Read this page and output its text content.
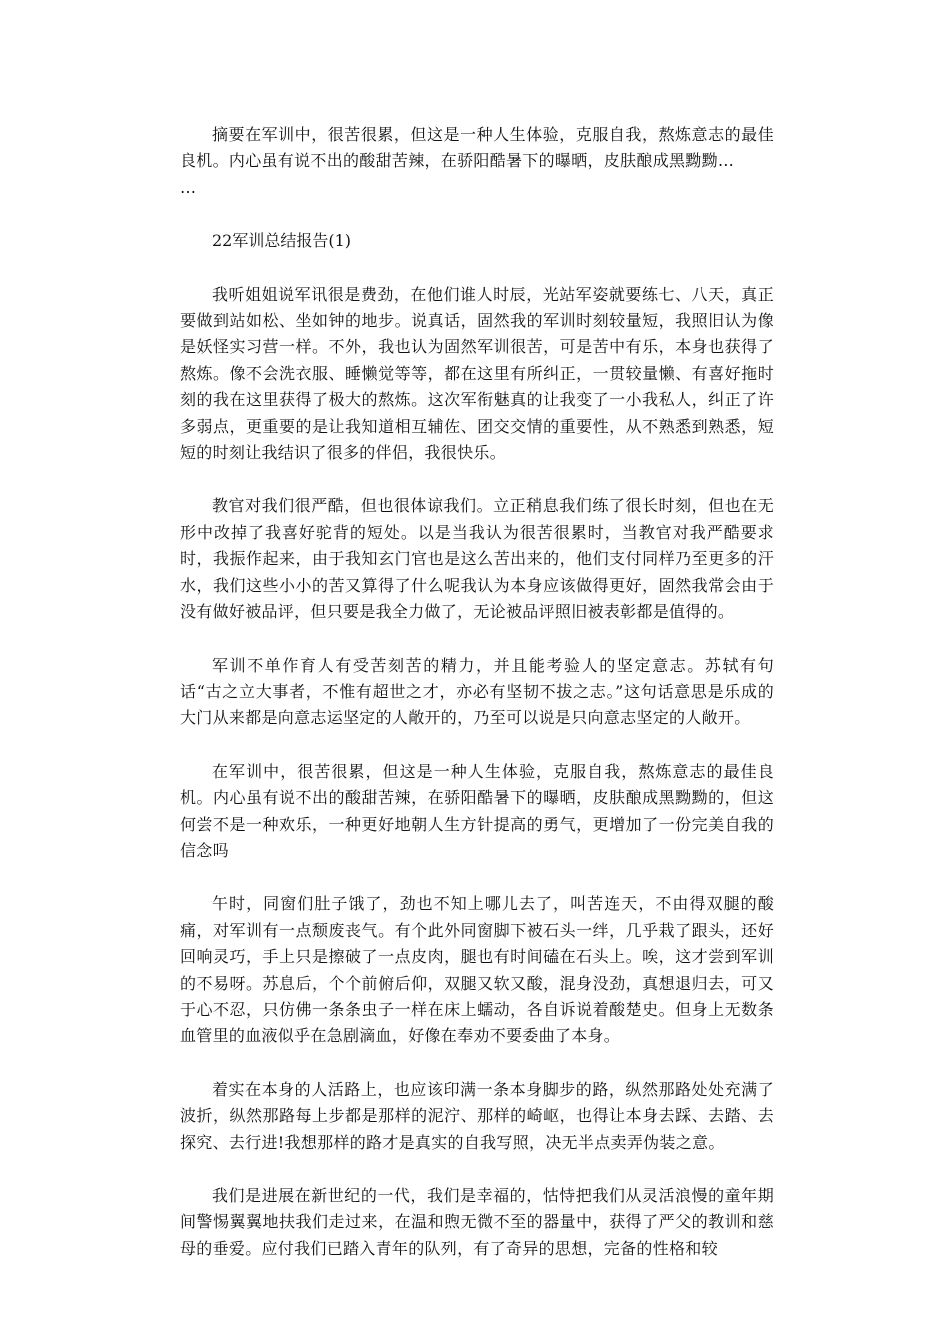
摘要在军训中，很苦很累，但这是一种人生体验，克服自我，熬炼意志的最佳良机。内心虽有说不出的酸甜苦辣，在骄阳酷暑下的曝晒，皮肤酿成黑黝黝…
…

22军训总结报告(1)

我听姐姐说军讯很是费劲，在他们谁人时辰，光站军姿就要练七、八天，真正要做到站如松、坐如钟的地步。说真话，固然我的军训时刻较量短，我照旧认为像是妖怪实习营一样。不外，我也认为固然军训很苦，可是苦中有乐，本身也获得了熬炼。像不会洗衣服、睡懒觉等等，都在这里有所纠正，一贯较量懒、有喜好拖时刻的我在这里获得了极大的熬炼。这次军衔魅真的让我变了一小我私人，纠正了许多弱点，更重要的是让我知道相互辅佐、团交交情的重要性，从不熟悉到熟悉，短短的时刻让我结识了很多的伴侣，我很快乐。

教官对我们很严酷，但也很体谅我们。立正稍息我们练了很长时刻，但也在无形中改掉了我喜好驼背的短处。以是当我认为很苦很累时，当教官对我严酷要求时，我振作起来，由于我知玄门官也是这么苦出来的，他们支付同样乃至更多的汗水，我们这些小小的苦又算得了什么呢我认为本身应该做得更好，固然我常会由于没有做好被品评，但只要是我全力做了，无论被品评照旧被表彰都是值得的。

军训不单作育人有受苦刻苦的精力，并且能考验人的坚定意志。苏轼有句话“古之立大事者，不惟有超世之才，亦必有坚韧不拔之志。”这句话意思是乐成的大门从来都是向意志运坚定的人敞开的，乃至可以说是只向意志坚定的人敞开。

在军训中，很苦很累，但这是一种人生体验，克服自我，熬炼意志的最佳良机。内心虽有说不出的酸甜苦辣，在骄阳酷暑下的曝晒，皮肤酿成黑黝黝的，但这何尝不是一种欢乐，一种更好地朝人生方针提高的勇气，更增加了一份完美自我的信念吗

午时，同窗们肚子饿了，劲也不知上哪儿去了，叫苦连天，不由得双腿的酸痛，对军训有一点颓废丧气。有个此外同窗脚下被石头一绊，几乎栽了跟头，还好回响灵巧，手上只是擦破了一点皮肉，腿也有时间磕在石头上。唉，这才尝到军训的不易呀。苏息后，个个前俯后仰，双腿又软又酸，混身没劲，真想退归去，可又于心不忍，只仿佛一条条虫子一样在床上蠕动，各自诉说着酸楚史。但身上无数条血管里的血液似乎在急剧滴血，好像在奉劝不要委曲了本身。

着实在本身的人活路上，也应该印满一条本身脚步的路，纵然那路处处充满了波折，纵然那路每上步都是那样的泥泞、那样的崎岖，也得让本身去踩、去踏、去探究、去行进!我想那样的路才是真实的自我写照，决无半点卖弄伪装之意。

我们是进展在新世纪的一代，我们是幸福的，怙恃把我们从灵活浪慢的童年期间警惕翼翼地扶我们走过来，在温和煦无微不至的器量中，获得了严父的教训和慈母的垂爱。应付我们已踏入青年的队列，有了奇异的思想，完备的性格和较
